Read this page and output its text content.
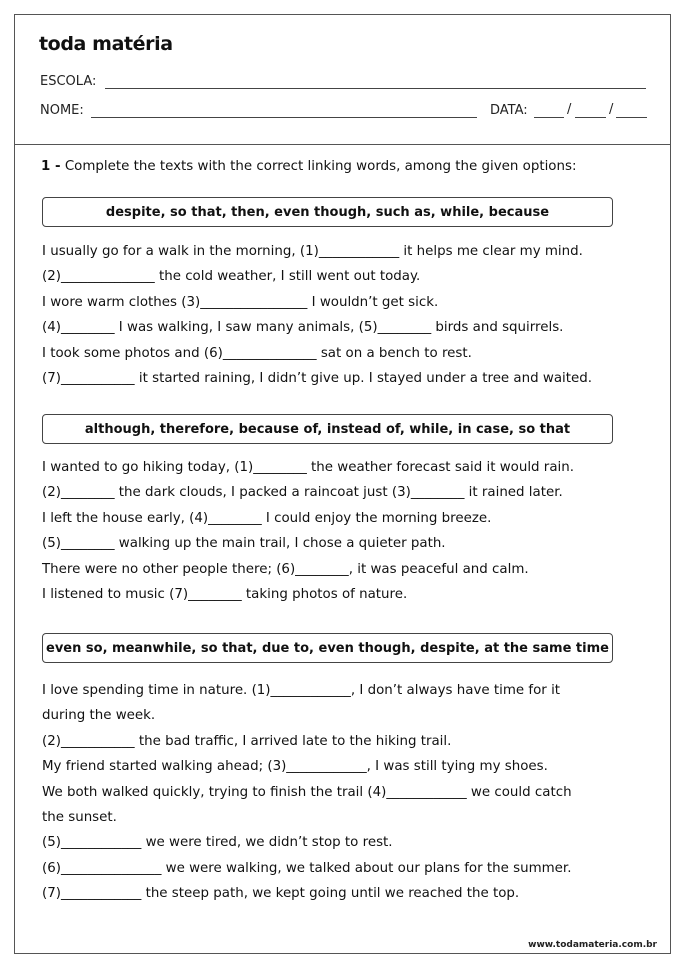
toda matéria
ESCOLA:
NOME:	DATA:	/	/
1 - Complete the texts with the correct linking words, among the given options:
despite, so that, then, even though, such as, while, because
I usually go for a walk in the morning, (1)____________ it helps me clear my mind.
(2)______________ the cold weather, I still went out today.
I wore warm clothes (3)________________ I wouldn’t get sick.
(4)________ I was walking, I saw many animals, (5)________ birds and squirrels.
I took some photos and (6)______________ sat on a bench to rest.
(7)___________ it started raining, I didn’t give up. I stayed under a tree and waited.
although, therefore, because of, instead of, while, in case, so that
I wanted to go hiking today, (1)________ the weather forecast said it would rain.
(2)________ the dark clouds, I packed a raincoat just (3)________ it rained later.
I left the house early, (4)________ I could enjoy the morning breeze.
(5)________ walking up the main trail, I chose a quieter path.
There were no other people there; (6)________, it was peaceful and calm.
I listened to music (7)________ taking photos of nature.
even so, meanwhile, so that, due to, even though, despite, at the same time
I love spending time in nature. (1)____________, I don’t always have time for it
during the week.
(2)___________ the bad traffic, I arrived late to the hiking trail.
My friend started walking ahead; (3)____________, I was still tying my shoes.
We both walked quickly, trying to finish the trail (4)____________ we could catch
the sunset.
(5)____________ we were tired, we didn’t stop to rest.
(6)_______________ we were walking, we talked about our plans for the summer.
(7)____________ the steep path, we kept going until we reached the top.
www.todamateria.com.br
